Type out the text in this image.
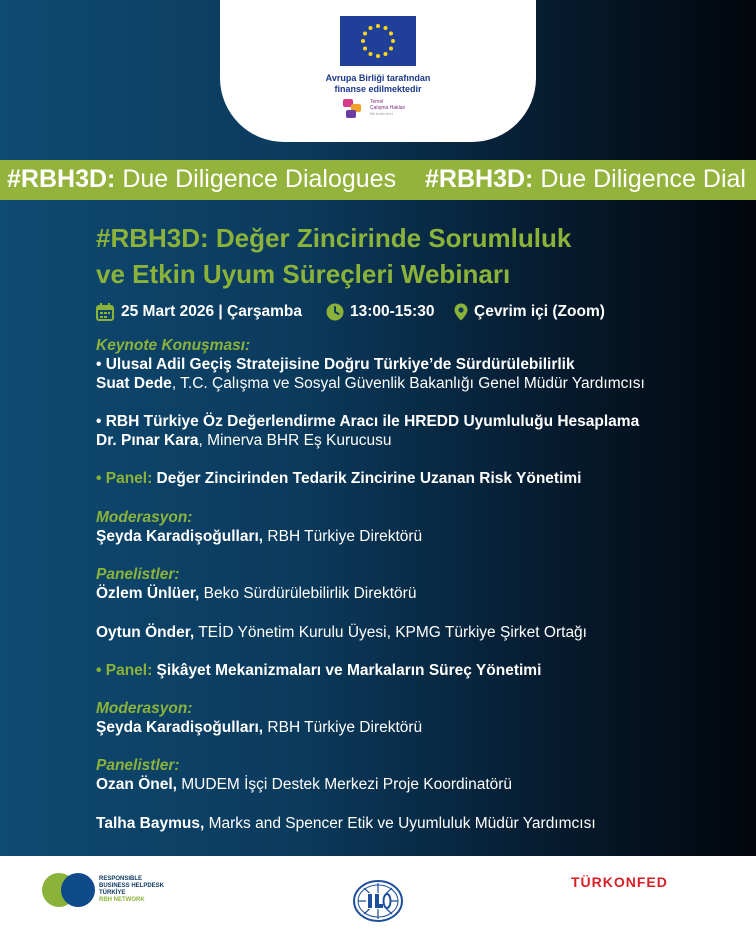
Avrupa Birliği tarafından
finanse edilmektedir
Temel
Çalışma Hakları
Bir Adım İleri
#RBH3D: Due Diligence Dialogues #RBH3D: Due Diligence Dial
#RBH3D: Değer Zincirinde Sorumluluk
ve Etkin Uyum Süreçleri Webinarı
25 Mart 2026 | Çarşamba	13:00-15:30	Çevrim içi (Zoom)
Keynote Konuşması:
• Ulusal Adil Geçiş Stratejisine Doğru Türkiye’de Sürdürülebilirlik
Suat Dede, T.C. Çalışma ve Sosyal Güvenlik Bakanlığı Genel Müdür Yardımcısı
• RBH Türkiye Öz Değerlendirme Aracı ile HREDD Uyumluluğu Hesaplama
Dr. Pınar Kara, Minerva BHR Eş Kurucusu
• Panel: Değer Zincirinden Tedarik Zincirine Uzanan Risk Yönetimi
Moderasyon:
Şeyda Karadişoğulları, RBH Türkiye Direktörü
Panelistler:
Özlem Ünlüer, Beko Sürdürülebilirlik Direktörü
Oytun Önder, TEİD Yönetim Kurulu Üyesi, KPMG Türkiye Şirket Ortağı
• Panel: Şikâyet Mekanizmaları ve Markaların Süreç Yönetimi
Moderasyon:
Şeyda Karadişoğulları, RBH Türkiye Direktörü
Panelistler:
Ozan Önel, MUDEM İşçi Destek Merkezi Proje Koordinatörü
Talha Baymus, Marks and Spencer Etik ve Uyumluluk Müdür Yardımcısı
RESPONSIBLE
BUSINESS HELPDESK
TÜRKİYE
RBH NETWORK
TÜRKONFED
